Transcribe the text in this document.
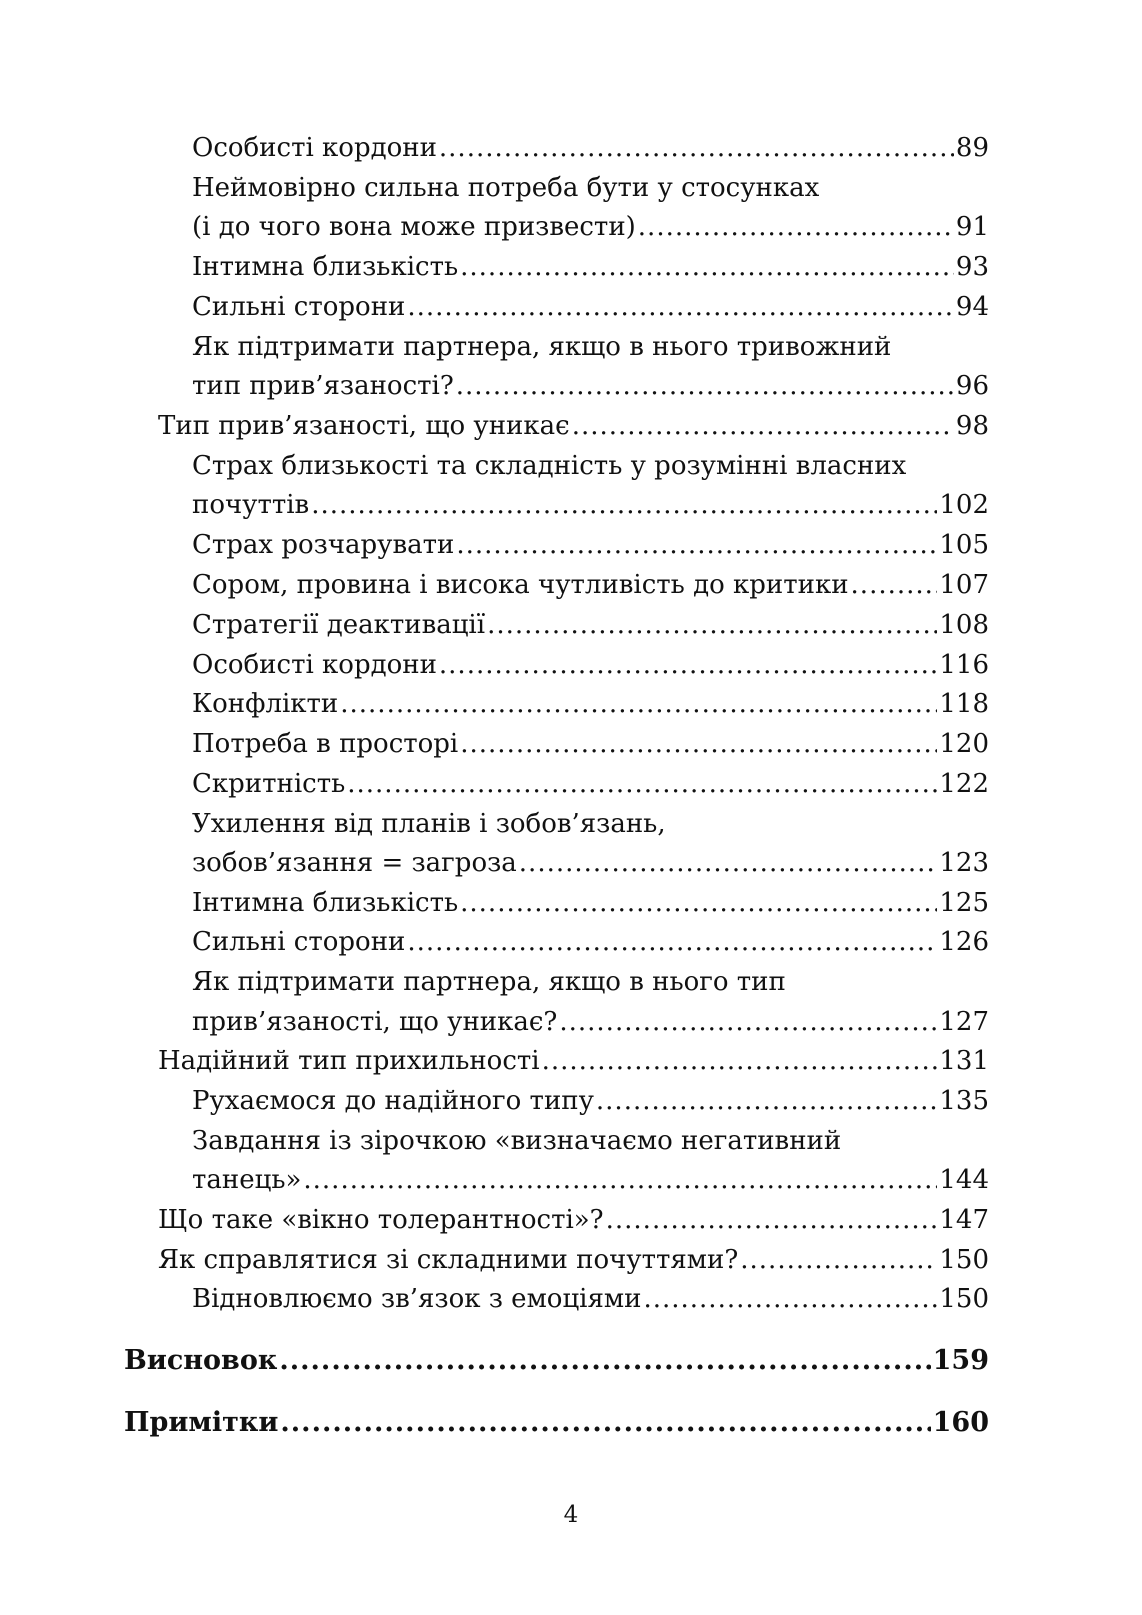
Особисті кордони .....	89
Неймовірно сильна потреба бути у стосунках
(і до чого вона може призвести) .....	91
Інтимна близькість .....	93
Сильні сторони .....	94
Як підтримати партнера, якщо в нього тривожний
тип прив’язаності? .....	96
Тип прив’язаності, що уникає .....	98
Страх близькості та складність у розумінні власних
почуттів .....	102
Страх розчарувати .....	105
Сором, провина і висока чутливість до критики .....	107
Стратегії деактивації .....	108
Особисті кордони .....	116
Конфлікти .....	118
Потреба в просторі .....	120
Скритність .....	122
Ухилення від планів і зобов’язань,
зобов’язання = загроза .....	123
Інтимна близькість .....	125
Сильні сторони .....	126
Як підтримати партнера, якщо в нього тип
прив’язаності, що уникає? .....	127
Надійний тип прихильності .....	131
Рухаємося до надійного типу .....	135
Завдання із зірочкою «визначаємо негативний
танець» .....	144
Що таке «вікно толерантності»? .....	147
Як справлятися зі складними почуттями? .....	150
Відновлюємо зв’язок з емоціями .....	150
Висновок .....	159
Примітки .....	160
4
